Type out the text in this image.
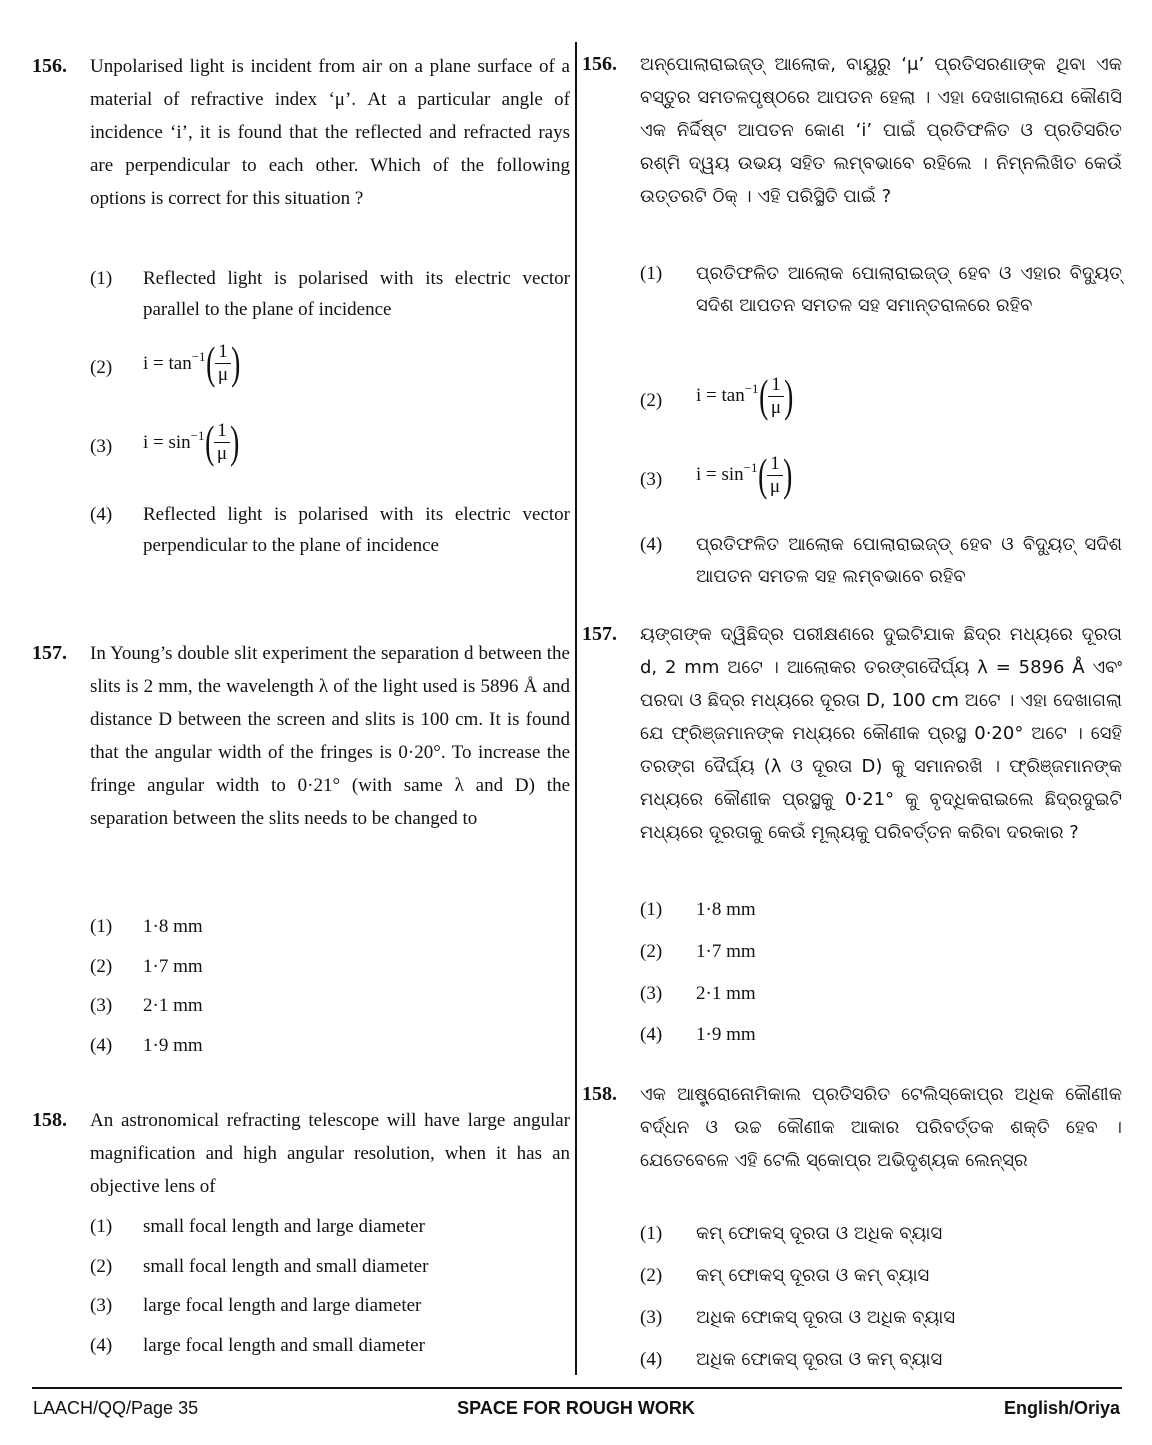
156. Unpolarised light is incident from air on a plane surface of a material of refractive index ‘μ’. At a particular angle of incidence ‘i’, it is found that the reflected and refracted rays are perpendicular to each other. Which of the following options is correct for this situation ?
(1) Reflected light is polarised with its electric vector parallel to the plane of incidence
(2) $i = \tan^{-1}$ ( $\frac{1}{\mu}$ )
(3) $i = \sin^{-1}$ ( $\frac{1}{\mu}$ )
(4) Reflected light is polarised with its electric vector perpendicular to the plane of incidence
157. In Young’s double slit experiment the separation d between the slits is 2 mm, the wavelength λ of the light used is 5896 Å and distance D between the screen and slits is 100 cm. It is found that the angular width of the fringes is 0·20°. To increase the fringe angular width to 0·21° (with same λ and D) the separation between the slits needs to be changed to
(1) 1·8 mm
(2) 1·7 mm
(3) 2·1 mm
(4) 1·9 mm
158. An astronomical refracting telescope will have large angular magnification and high angular resolution, when it has an objective lens of
(1) small focal length and large diameter
(2) small focal length and small diameter
(3) large focal length and large diameter
(4) large focal length and small diameter
156. ଅନ୍‌ପୋଲାରାଇଜ୍‌ଡ୍ ଆଲୋକ, ବାୟୁରୁ ‘μ’ ପ୍ରତିସରଣାଙ୍କ ଥିବା ଏକ ବସ୍ତୁର ସମତଳପୃଷ୍ଠରେ ଆପତନ ହେଲା । ଏହା ଦେଖାଗଲାଯେ କୌଣସି ଏକ ନିର୍ଦ୍ଦିଷ୍ଟ ଆପତନ କୋଣ ‘i’ ପାଇଁ ପ୍ରତିଫଳିତ ଓ ପ୍ରତିସରିତ ରଶ୍ମି ଦ୍ୱୟ ଉଭୟ ସହିତ ଲମ୍ବଭାବେ ରହିଲେ । ନିମ୍ନଲିଖିତ କେଉଁ ଉତ୍ତରଟି ଠିକ୍ । ଏହି ପରିସ୍ଥିତି ପାଇଁ ?
(1) ପ୍ରତିଫଳିତ ଆଲୋକ ପୋଲାରାଇଜ୍‌ଡ୍ ହେବ ଓ ଏହାର ବିଦ୍ୟୁତ୍ ସଦିଶ ଆପତନ ସମତଳ ସହ ସମାନ୍ତରାଳରେ ରହିବ
(2) $i = \tan^{-1}$ ( $\frac{1}{\mu}$ )
(3) $i = \sin^{-1}$ ( $\frac{1}{\mu}$ )
(4) ପ୍ରତିଫଳିତ ଆଲୋକ ପୋଲାରାଇଜ୍‌ଡ୍ ହେବ ଓ ବିଦ୍ୟୁତ୍ ସଦିଶ ଆପତନ ସମତଳ ସହ ଲମ୍ବଭାବେ ରହିବ
157. ୟଙ୍ଗଙ୍କ ଦ୍ୱିଛିଦ୍ର ପରୀକ୍ଷଣରେ ଦୁଇଟିଯାକ ଛିଦ୍ର ମଧ୍ୟରେ ଦୂରତା d, 2 mm ଅଟେ । ଆଲୋକର ତରଙ୍ଗଦୈର୍ଘ୍ୟ λ = 5896 Å ଏବଂ ପରଦା ଓ ଛିଦ୍ର ମଧ୍ୟରେ ଦୂରତା D, 100 cm ଅଟେ । ଏହା ଦେଖାଗଲା ଯେ ଫ୍ରିଞ୍ଜମାନଙ୍କ ମଧ୍ୟରେ କୌଣୀକ ପ୍ରସ୍ଥ 0·20° ଅଟେ । ସେହି ତରଙ୍ଗ ଦୈର୍ଘ୍ୟ (λ ଓ ଦୂରତା D) କୁ ସମାନରଖି । ଫ୍ରିଞ୍ଜମାନଙ୍କ ମଧ୍ୟରେ କୌଣୀକ ପ୍ରସ୍ଥକୁ 0·21° କୁ ବୃଦ୍ଧିକରାଇଲେ ଛିଦ୍ରଦୁଇଟି ମଧ୍ୟରେ ଦୂରତାକୁ କେଉଁ ମୂଲ୍ୟକୁ ପରିବର୍ତ୍ତନ କରିବା ଦରକାର ?
(1) 1·8 mm
(2) 1·7 mm
(3) 2·1 mm
(4) 1·9 mm
158. ଏକ ଆଷ୍ଟ୍ରୋନୋମିକାଲ ପ୍ରତିସରିତ ଟେଲିସ୍କୋପ୍‌ର ଅଧିକ କୌଣୀକ ବର୍ଦ୍ଧନ ଓ ଉଚ୍ଚ କୌଣୀକ ଆକାର ପରିବର୍ତ୍ତକ ଶକ୍ତି ହେବ । ଯେତେବେଳେ ଏହି ଟେଲି ସ୍କୋପ୍‌ର ଅଭିଦୃଶ୍ୟକ ଲେନ୍ସ୍‌ର
(1) କମ୍ ଫୋକସ୍ ଦୂରତା ଓ ଅଧିକ ବ୍ୟାସ
(2) କମ୍ ଫୋକସ୍ ଦୂରତା ଓ କମ୍ ବ୍ୟାସ
(3) ଅଧିକ ଫୋକସ୍ ଦୂରତା ଓ ଅଧିକ ବ୍ୟାସ
(4) ଅଧିକ ଫୋକସ୍ ଦୂରତା ଓ କମ୍ ବ୍ୟାସ
LAACH/QQ/Page 35	SPACE FOR ROUGH WORK	English/Oriya
